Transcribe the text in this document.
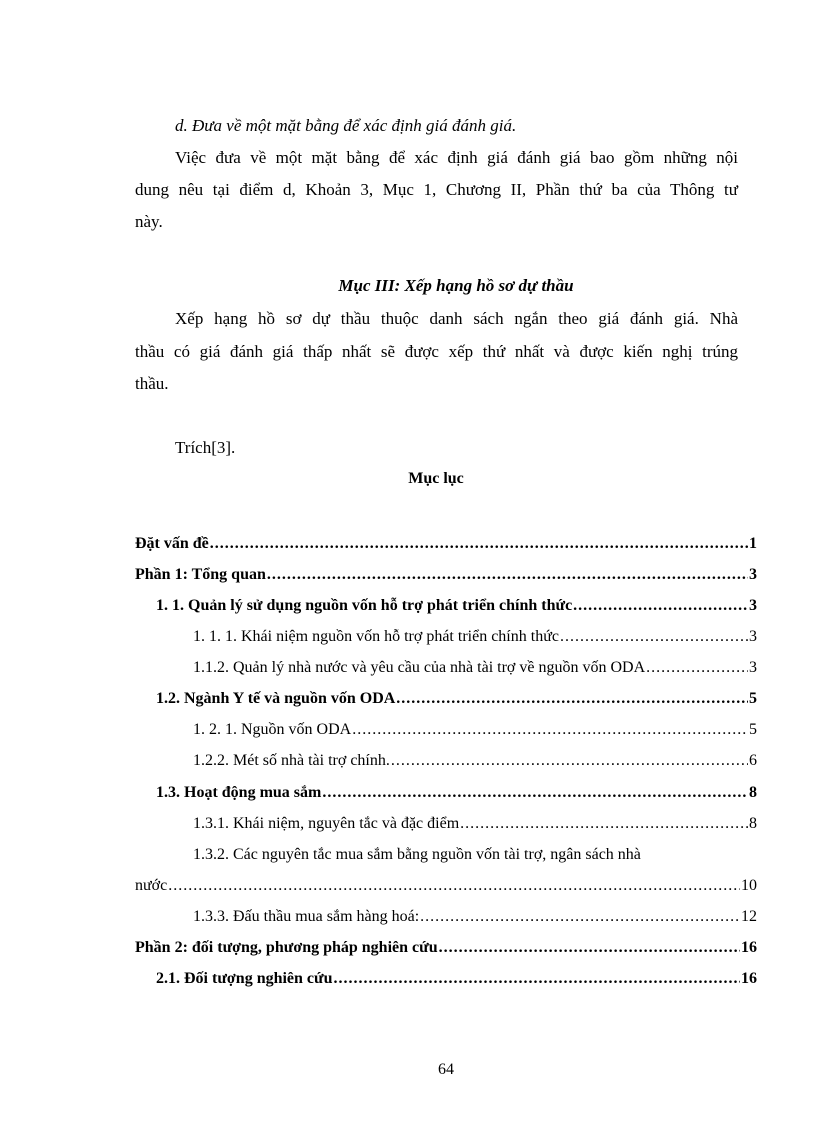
d. Đưa về một mặt bằng để xác định giá đánh giá.
Việc đưa về một mặt bằng để xác định giá đánh giá bao gồm những nội
dung nêu tại điểm d, Khoản 3, Mục 1, Chương II, Phần thứ ba của Thông tư
này.
Mục III: Xếp hạng hồ sơ dự thầu
Xếp hạng hồ sơ dự thầu thuộc danh sách ngắn theo giá đánh giá. Nhà
thầu có giá đánh giá thấp nhất sẽ được xếp thứ nhất và được kiến nghị trúng
thầu.
Trích[3].
Mục lục
Đặt vấn đề .....	1
Phần 1: Tổng quan .....	3
1. 1. Quản lý sử dụng nguồn vốn hỗ trợ phát triển chính thức .....	3
1. 1. 1. Khái niệm nguồn vốn hỗ trợ phát triển chính thức .....	3
1.1.2. Quản lý nhà nước và yêu cầu của nhà tài trợ về nguồn vốn ODA .....	3
1.2. Ngành Y tế và nguồn vốn ODA .....	5
1. 2. 1. Nguồn vốn ODA .....	5
1.2.2. Mét số nhà tài trợ chính. .....	6
1.3. Hoạt động mua sắm .....	8
1.3.1. Khái niệm, nguyên tắc và đặc điểm .....	8
1.3.2. Các nguyên tắc mua sắm bằng nguồn vốn tài trợ, ngân sách nhà
nước .....	10
1.3.3. Đấu thầu mua sắm hàng hoá: .....	12
Phần 2: đối tượng, phương pháp nghiên cứu .....	16
2.1. Đối tượng nghiên cứu .....	16
64
